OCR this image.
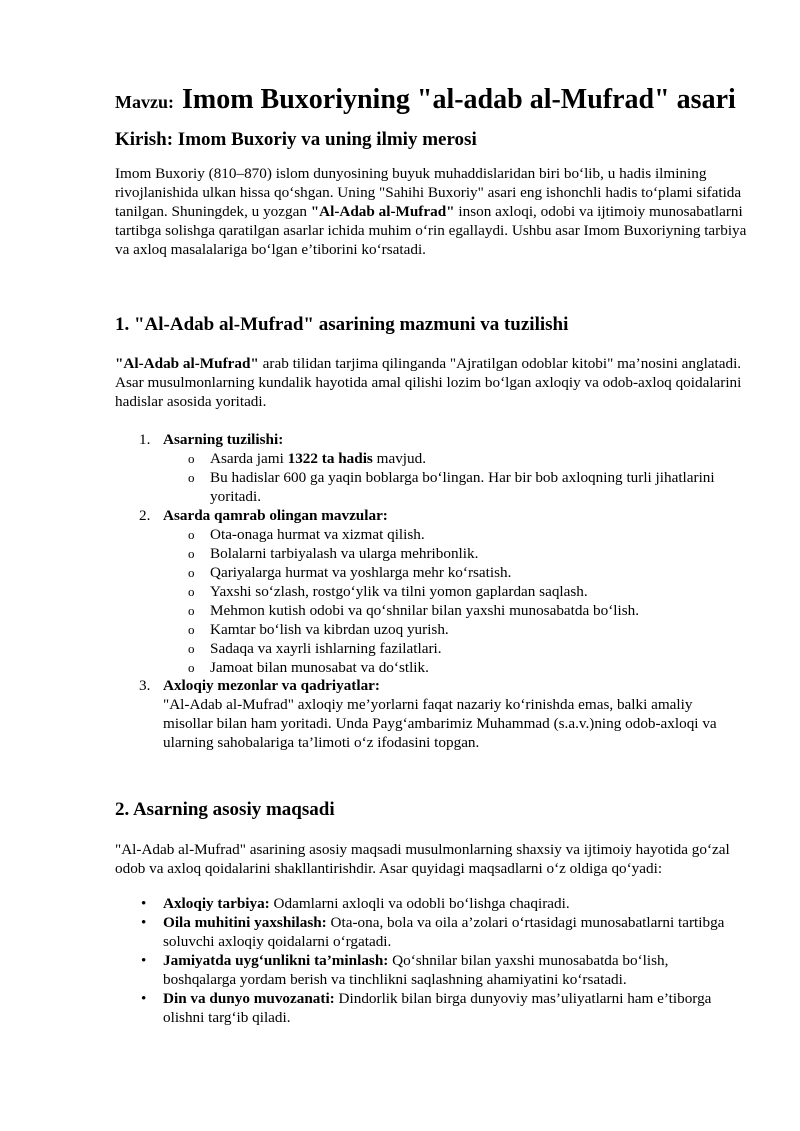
Mavzu: Imom Buxoriyning "al-adab al-Mufrad" asari
Kirish: Imom Buxoriy va uning ilmiy merosi

Imom Buxoriy (810–870) islom dunyosining buyuk muhaddislaridan biri bo‘lib, u hadis ilmining rivojlanishida ulkan hissa qo‘shgan. Uning "Sahihi Buxoriy" asari eng ishonchli hadis to‘plami sifatida tanilgan. Shuningdek, u yozgan "Al-Adab al-Mufrad" inson axloqi, odobi va ijtimoiy munosabatlarni tartibga solishga qaratilgan asarlar ichida muhim o‘rin egallaydi. Ushbu asar Imom Buxoriyning tarbiya va axloq masalalariga bo‘lgan e’tiborini ko‘rsatadi.

1. "Al-Adab al-Mufrad" asarining mazmuni va tuzilishi

"Al-Adab al-Mufrad" arab tilidan tarjima qilinganda "Ajratilgan odoblar kitobi" ma’nosini anglatadi. Asar musulmonlarning kundalik hayotida amal qilishi lozim bo‘lgan axloqiy va odob-axloq qoidalarini hadislar asosida yoritadi.

1. Asarning tuzilishi:
o Asarda jami 1322 ta hadis mavjud.
o Bu hadislar 600 ga yaqin boblarga bo‘lingan. Har bir bob axloqning turli jihatlarini yoritadi.
2. Asarda qamrab olingan mavzular:
o Ota-onaga hurmat va xizmat qilish.
o Bolalarni tarbiyalash va ularga mehribonlik.
o Qariyalarga hurmat va yoshlarga mehr ko‘rsatish.
o Yaxshi so‘zlash, rostgo‘ylik va tilni yomon gaplardan saqlash.
o Mehmon kutish odobi va qo‘shnilar bilan yaxshi munosabatda bo‘lish.
o Kamtar bo‘lish va kibrdan uzoq yurish.
o Sadaqa va xayrli ishlarning fazilatlari.
o Jamoat bilan munosabat va do‘stlik.
3. Axloqiy mezonlar va qadriyatlar:
"Al-Adab al-Mufrad" axloqiy me’yorlarni faqat nazariy ko‘rinishda emas, balki amaliy misollar bilan ham yoritadi. Unda Payg‘ambarimiz Muhammad (s.a.v.)ning odob-axloqi va ularning sahobalariga ta’limoti o‘z ifodasini topgan.
2. Asarning asosiy maqsadi

"Al-Adab al-Mufrad" asarining asosiy maqsadi musulmonlarning shaxsiy va ijtimoiy hayotida go‘zal odob va axloq qoidalarini shakllantirishdir. Asar quyidagi maqsadlarni o‘z oldiga qo‘yadi:

• Axloqiy tarbiya: Odamlarni axloqli va odobli bo‘lishga chaqiradi.
• Oila muhitini yaxshilash: Ota-ona, bola va oila a’zolari o‘rtasidagi munosabatlarni tartibga soluvchi axloqiy qoidalarni o‘rgatadi.
• Jamiyatda uyg‘unlikni ta’minlash: Qo‘shnilar bilan yaxshi munosabatda bo‘lish, boshqalarga yordam berish va tinchlikni saqlashning ahamiyatini ko‘rsatadi.
• Din va dunyo muvozanati: Dindorlik bilan birga dunyoviy mas’uliyatlarni ham e’tiborga olishni targ‘ib qiladi.
